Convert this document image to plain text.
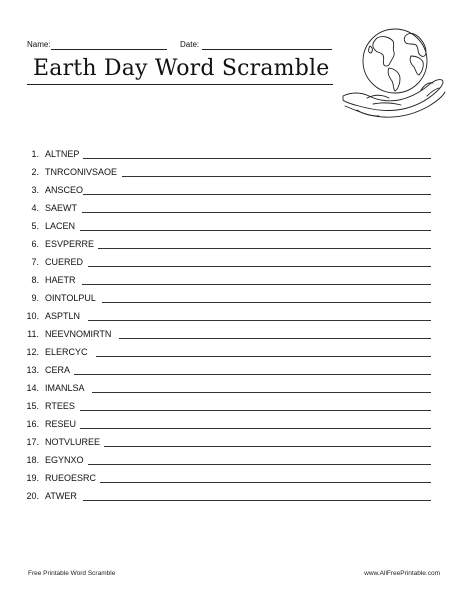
Name:	Date:
Earth Day Word Scramble
1. ALTNEP
2. TNRCONIVSAOE
3. ANSCEO
4. SAEWT
5. LACEN
6. ESVPERRE
7. CUERED
8. HAETR
9. OINTOLPUL
10. ASPTLN
11. NEEVNOMIRTN
12. ELERCYC
13. CERA
14. IMANLSA
15. RTEES
16. RESEU
17. NOTVLUREE
18. EGYNXO
19. RUEOESRC
20. ATWER
Free Printable Word Scramble	www.AllFreePrintable.com
